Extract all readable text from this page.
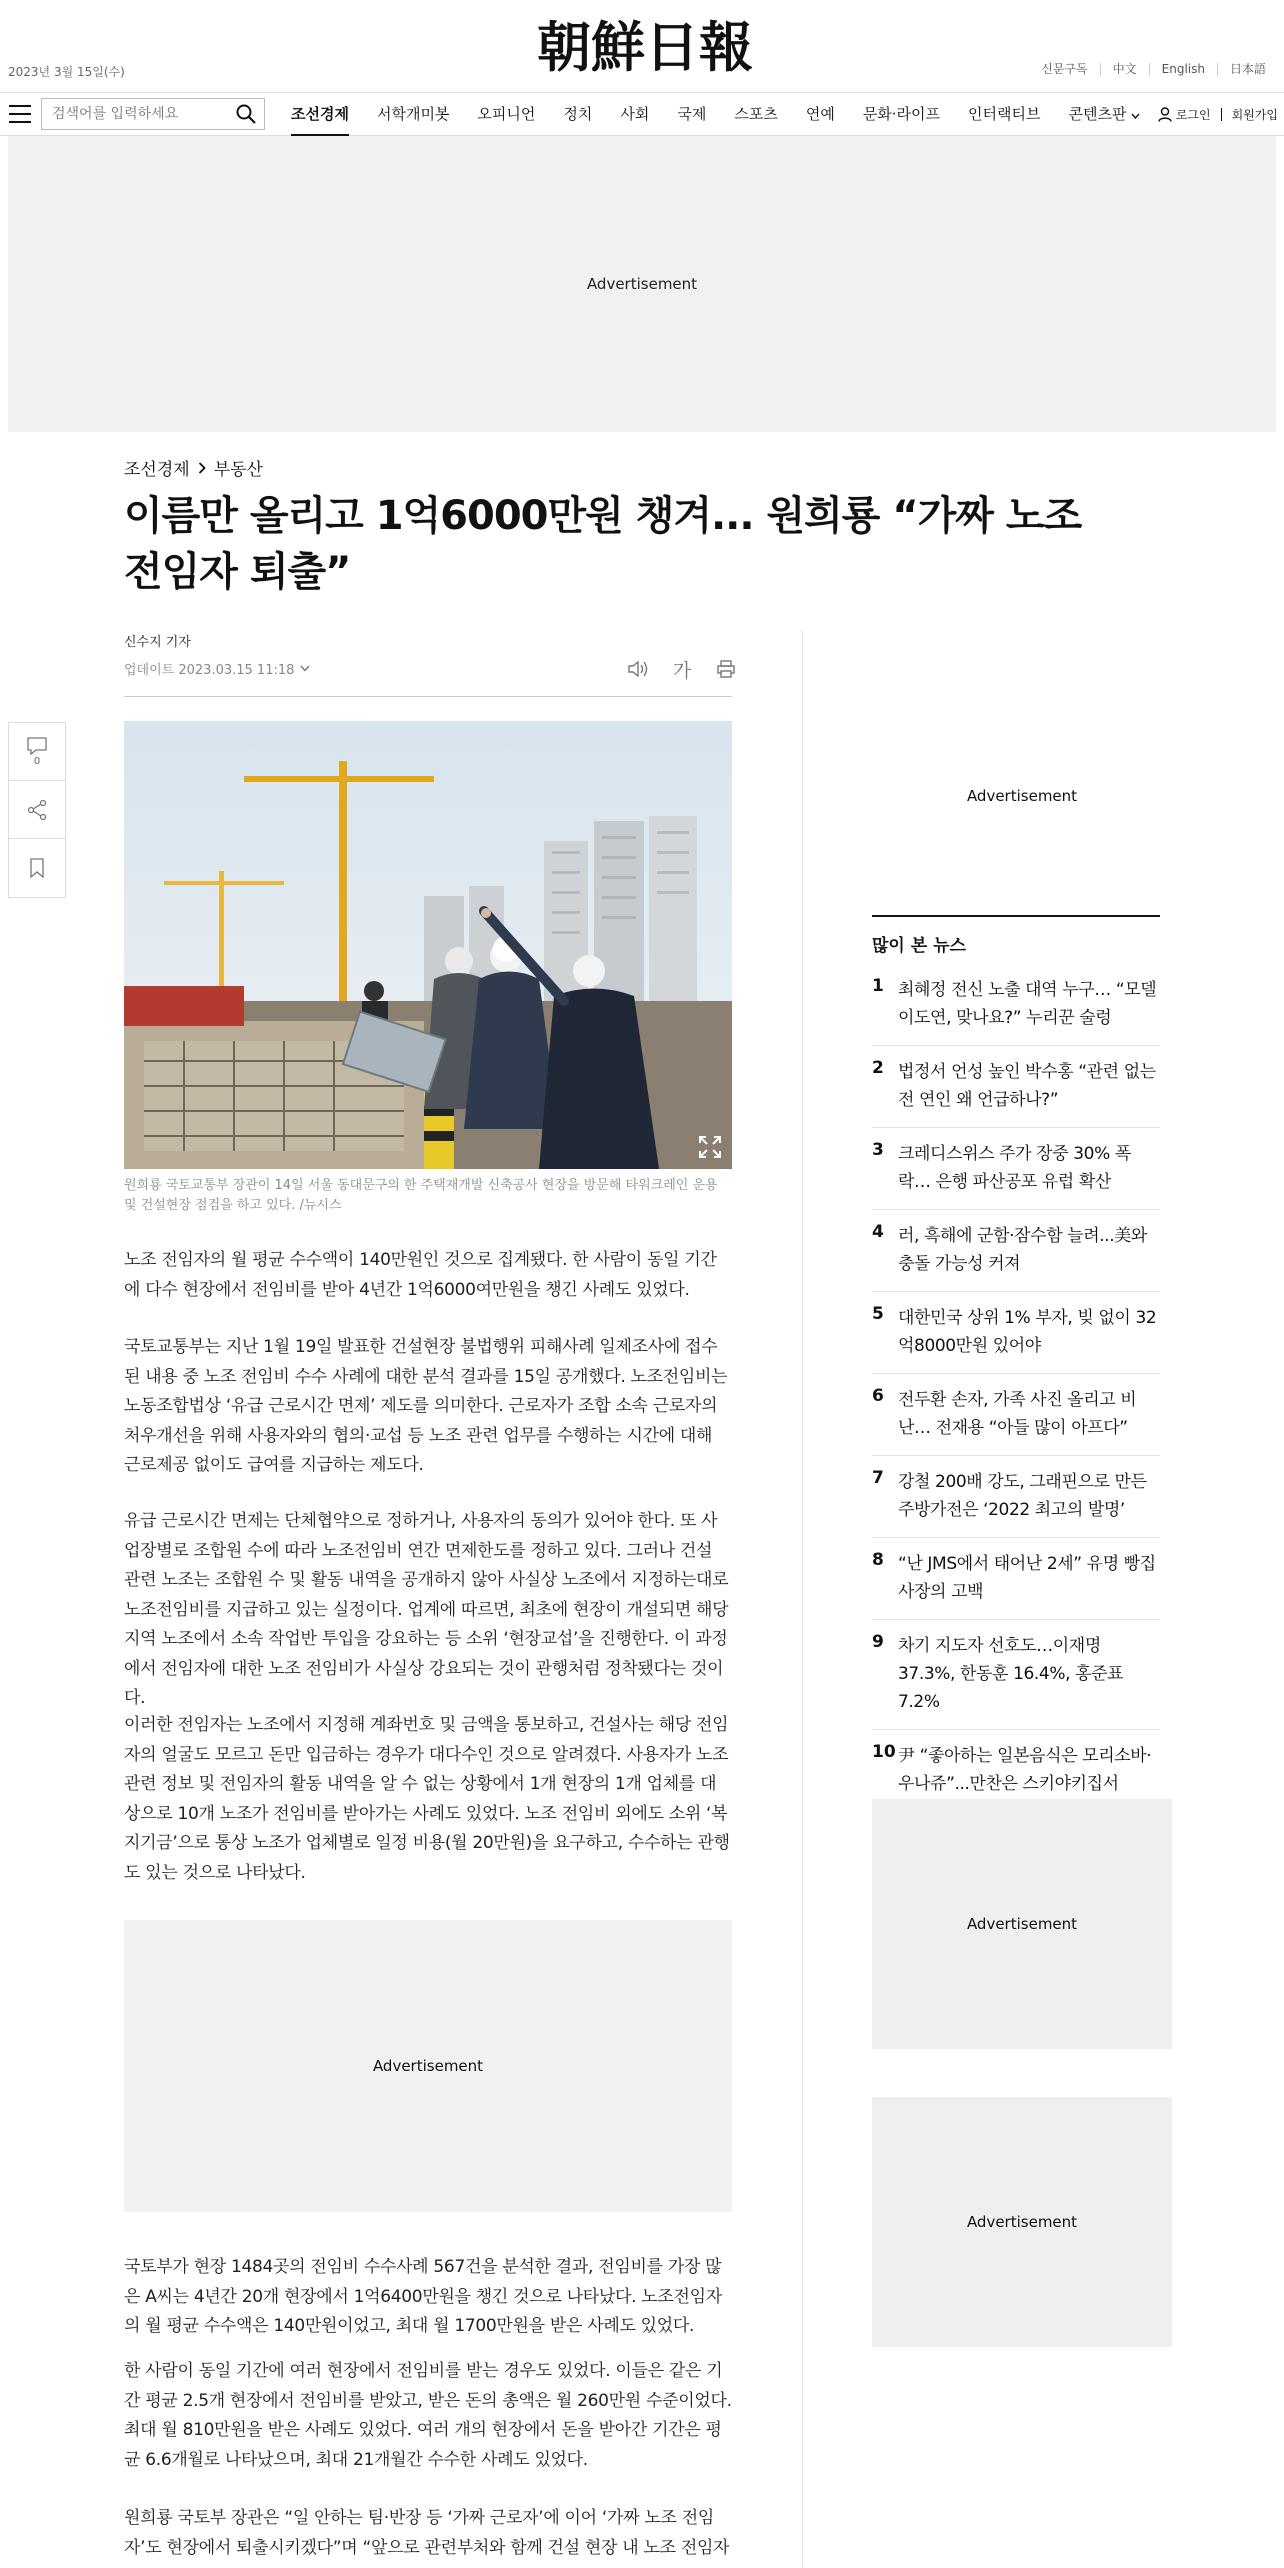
2023년 3월 15일(수)	朝鮮日報	신문구독	中文	English	日本語
검색어를 입력하세요
조선경제	서학개미봇	오피니언	정치	사회	국제	스포츠	연예	문화·라이프	인터랙티브	콘텐츠판	로그인 회원가입
Advertisement
조선경제 부동산
이름만 올리고 1억6000만원 챙겨... 원희룡 “가짜 노조 전임자 퇴출”
신수지 기자
업데이트 2023.03.15 11:18	가
0
원희룡 국토교통부 장관이 14일 서울 동대문구의 한 주택재개발 신축공사 현장을 방문해 타워크레인 운용 및 건설현장 점검을 하고 있다. /뉴시스

노조 전임자의 월 평균 수수액이 140만원인 것으로 집계됐다. 한 사람이 동일 기간에 다수 현장에서 전임비를 받아 4년간 1억6000여만원을 챙긴 사례도 있었다.

국토교통부는 지난 1월 19일 발표한 건설현장 불법행위 피해사례 일제조사에 접수된 내용 중 노조 전임비 수수 사례에 대한 분석 결과를 15일 공개했다. 노조전임비는 노동조합법상 ‘유급 근로시간 면제’ 제도를 의미한다. 근로자가 조합 소속 근로자의 처우개선을 위해 사용자와의 협의·교섭 등 노조 관련 업무를 수행하는 시간에 대해 근로제공 없이도 급여를 지급하는 제도다.

유급 근로시간 면제는 단체협약으로 정하거나, 사용자의 동의가 있어야 한다. 또 사업장별로 조합원 수에 따라 노조전임비 연간 면제한도를 정하고 있다. 그러나 건설 관련 노조는 조합원 수 및 활동 내역을 공개하지 않아 사실상 노조에서 지정하는대로 노조전임비를 지급하고 있는 실정이다. 업계에 따르면, 최초에 현장이 개설되면 해당 지역 노조에서 소속 작업반 투입을 강요하는 등 소위 ‘현장교섭’을 진행한다. 이 과정에서 전임자에 대한 노조 전임비가 사실상 강요되는 것이 관행처럼 정착됐다는 것이다.

이러한 전임자는 노조에서 지정해 계좌번호 및 금액을 통보하고, 건설사는 해당 전임자의 얼굴도 모르고 돈만 입금하는 경우가 대다수인 것으로 알려졌다. 사용자가 노조 관련 정보 및 전임자의 활동 내역을 알 수 없는 상황에서 1개 현장의 1개 업체를 대상으로 10개 노조가 전임비를 받아가는 사례도 있었다. 노조 전임비 외에도 소위 ‘복지기금’으로 통상 노조가 업체별로 일정 비용(월 20만원)을 요구하고, 수수하는 관행도 있는 것으로 나타났다.

Advertisement

국토부가 현장 1484곳의 전임비 수수사례 567건을 분석한 결과, 전임비를 가장 많은 A씨는 4년간 20개 현장에서 1억6400만원을 챙긴 것으로 나타났다. 노조전임자의 월 평균 수수액은 140만원이었고, 최대 월 1700만원을 받은 사례도 있었다.

한 사람이 동일 기간에 여러 현장에서 전임비를 받는 경우도 있었다. 이들은 같은 기간 평균 2.5개 현장에서 전임비를 받았고, 받은 돈의 총액은 월 260만원 수준이었다. 최대 월 810만원을 받은 사례도 있었다. 여러 개의 현장에서 돈을 받아간 기간은 평균 6.6개월로 나타났으며, 최대 21개월간 수수한 사례도 있었다.

원희룡 국토부 장관은 “일 안하는 팀·반장 등 ‘가짜 근로자’에 이어 ‘가짜 노조 전임자’도 현장에서 퇴출시키겠다”며 “앞으로 관련부처와 함께 건설 현장 내 노조 전임자

Advertisement
많이 본 뉴스
1 최혜정 전신 노출 대역 누구… “모델 이도연, 맞나요?” 누리꾼 술렁
2 법정서 언성 높인 박수홍 “관련 없는 전 연인 왜 언급하나?”
3 크레디스위스 주가 장중 30% 폭락… 은행 파산공포 유럽 확산
4 러, 흑해에 군함·잠수함 늘려...美와 충돌 가능성 커져
5 대한민국 상위 1% 부자, 빚 없이 32억8000만원 있어야
6 전두환 손자, 가족 사진 올리고 비난… 전재용 “아들 많이 아프다”
7 강철 200배 강도, 그래핀으로 만든 주방가전은 ‘2022 최고의 발명’
8 “난 JMS에서 태어난 2세” 유명 빵집 사장의 고백
9 차기 지도자 선호도…이재명 37.3%, 한동훈 16.4%, 홍준표 7.2%
10 尹 “좋아하는 일본음식은 모리소바·우나쥬”...만찬은 스키야키집서
Advertisement
Advertisement
